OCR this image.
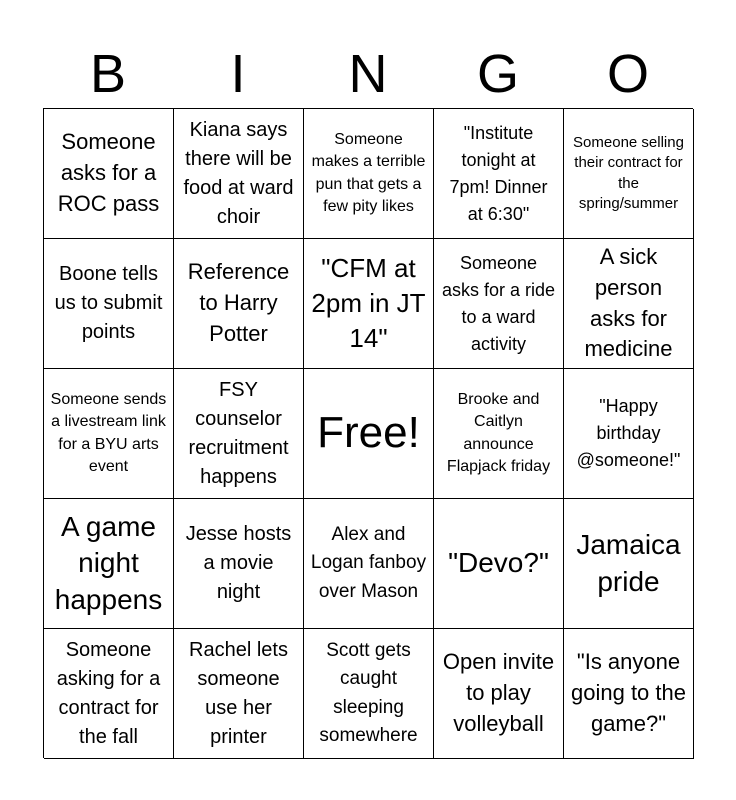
B	I	N	G	O
Someone asks for a ROC pass
Kiana says there will be food at ward choir
Someone makes a terrible pun that gets a few pity likes
"Institute tonight at 7pm! Dinner at 6:30"
Someone selling their contract for the spring/summer
Boone tells us to submit points
Reference to Harry Potter
"CFM at 2pm in JT 14"
Someone asks for a ride to a ward activity
A sick person asks for medicine
Someone sends a livestream link for a BYU arts event
FSY counselor recruitment happens
Free!
Brooke and Caitlyn announce Flapjack friday
"Happy birthday @someone!"
A game night happens
Jesse hosts a movie night
Alex and Logan fanboy over Mason
"Devo?"
Jamaica pride
Someone asking for a contract for the fall
Rachel lets someone use her printer
Scott gets caught sleeping somewhere
Open invite to play volleyball
"Is anyone going to the game?"
